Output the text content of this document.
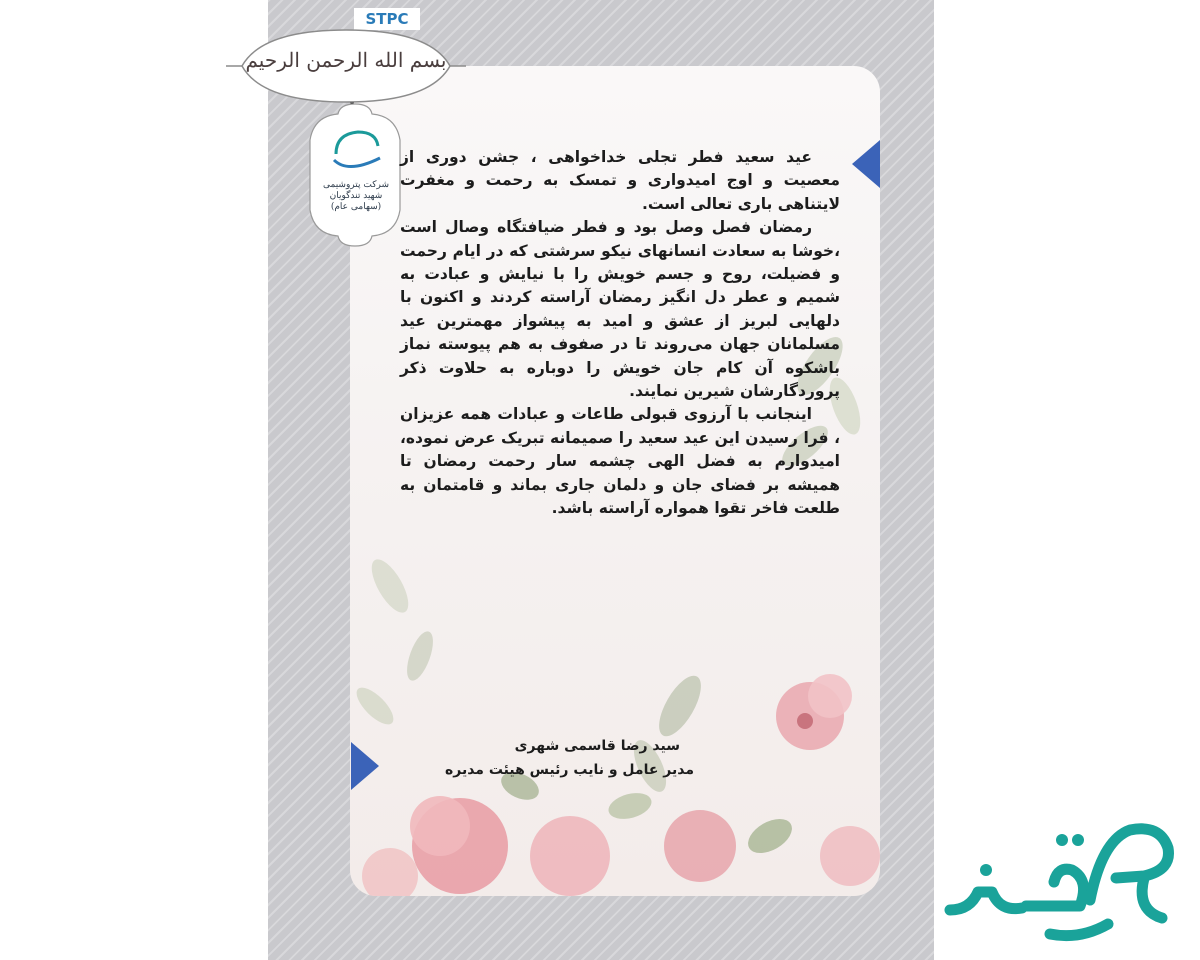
STPC
بسم الله الرحمن الرحیم
شرکت پتروشیمی شهید تندگویان
(سهامی عام)

عید سعید فطر تجلی خداخواهی ، جشن دوری از معصیت و اوج امیدواری و تمسک به رحمت و مغفرت لایتناهی باری تعالی است.

رمضان فصل وصل بود و فطر ضیافتگاه وصال است ،خوشا به سعادت انسانهای نیکو سرشتی که در ایام رحمت و فضیلت، روح و جسم خویش را با نیایش و عبادت به شمیم و عطر دل انگیز رمضان آراسته کردند و اکنون با دلهایی لبریز از عشق و امید به پیشواز مهمترین عید مسلمانان جهان می‌روند تا در صفوف به هم پیوسته نماز باشکوه آن کام جان خویش را دوباره به حلاوت ذکر پروردگارشان شیرین نمایند.

اینجانب با آرزوی قبولی طاعات و عبادات همه عزیزان ، فرا رسیدن این عید سعید را صمیمانه تبریک عرض نموده، امیدوارم به فضل الهی چشمه سار رحمت رمضان تا همیشه بر فضای جان و دلمان جاری بماند و قامتمان به طلعت فاخر تقوا همواره آراسته باشد.

سید رضا قاسمی شهری
مدیر عامل و نایب رئیس هیئت مدیره
